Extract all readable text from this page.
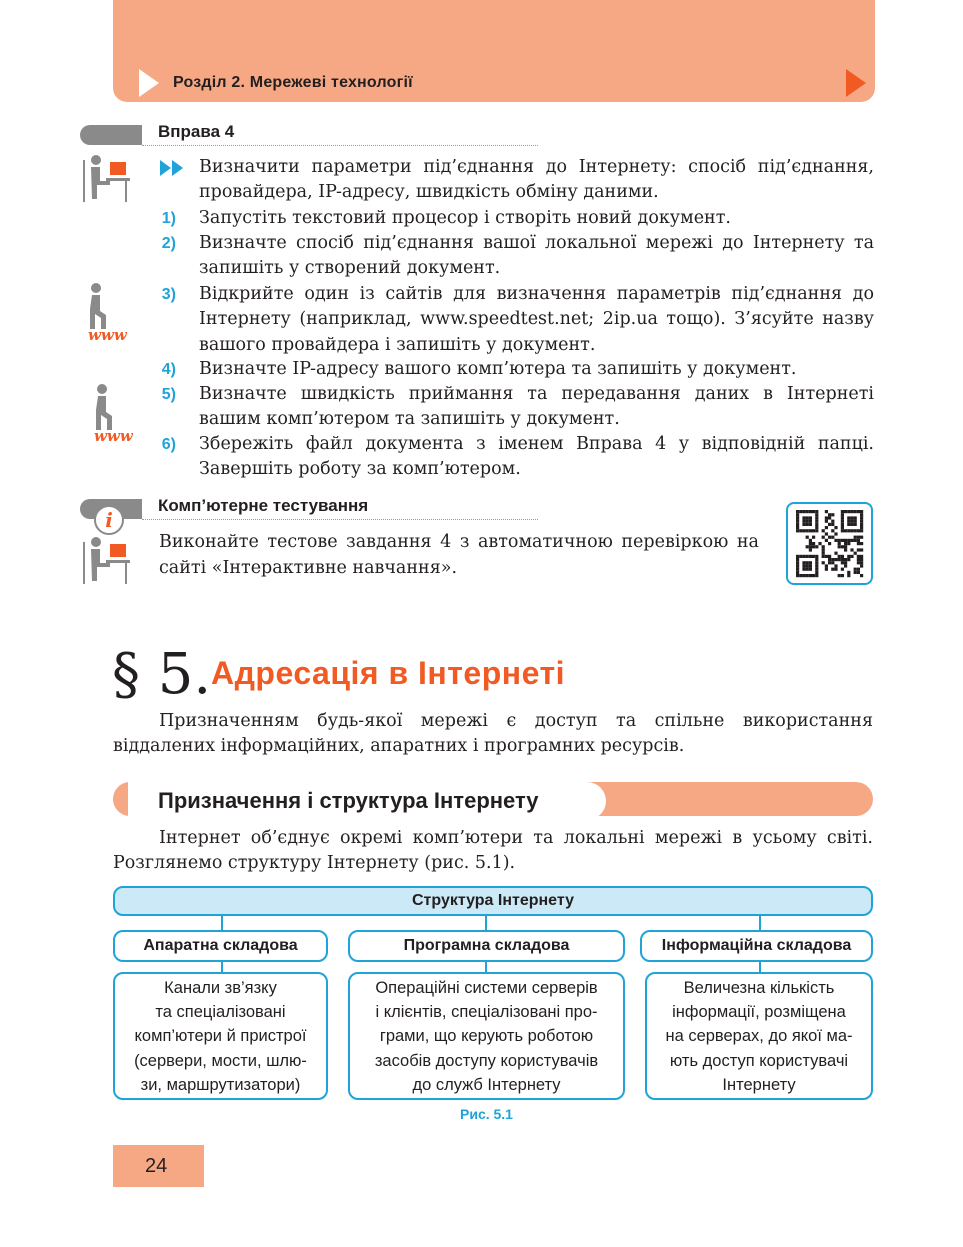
Розділ 2. Мережеві технології
Вправа 4
www
www
Визначити параметри під’єднання до Інтернету: спосіб під’єднання, провайдера, IP-адресу, швидкість обміну даними.
1) Запустіть текстовий процесор і створіть новий документ.
2) Визначте спосіб під’єднання вашої локальної мережі до Інтернету та запишіть у створений документ.
3) Відкрийте один із сайтів для визначення параметрів під’єднання до Інтернету (наприклад, www.speedtest.net; 2ip.ua тощо). З’ясуйте назву вашого провайдера і запишіть у документ.
4) Визначте IP-адресу вашого комп’ютера та запишіть у документ.
5) Визначте швидкість приймання та передавання даних в Інтернеті вашим комп’ютером та запишіть у документ.
6) Збережіть файл документа з іменем Вправа 4 у відповідній папці. Завершіть роботу за комп’ютером.
i
Комп’ютерне тестування
Виконайте тестове завдання 4 з автоматичною перевіркою на сайті «Інтерактивне навчання».
§ 5. Адресація в Інтернеті
Призначенням будь-якої мережі є доступ та спільне використання віддалених інформаційних, апаратних і програмних ресурсів.
Призначення і структура Інтернету
Інтернет об’єднує окремі комп’ютери та локальні мережі в усьому світі. Розглянемо структуру Інтернету (рис. 5.1).
Структура Інтернету
Апаратна складова	Програмна складова	Інформаційна складова
Канали зв’язку
та спеціалізовані
комп’ютери й пристрої
(сервери, мости, шлю-
зи, маршрутизатори)
Операційні системи серверів
і клієнтів, спеціалізовані про-
грами, що керують роботою
засобів доступу користувачів
до служб Інтернету
Величезна кількість
інформації, розміщена
на серверах, до якої ма-
ють доступ користувачі
Інтернету
Рис. 5.1
24
